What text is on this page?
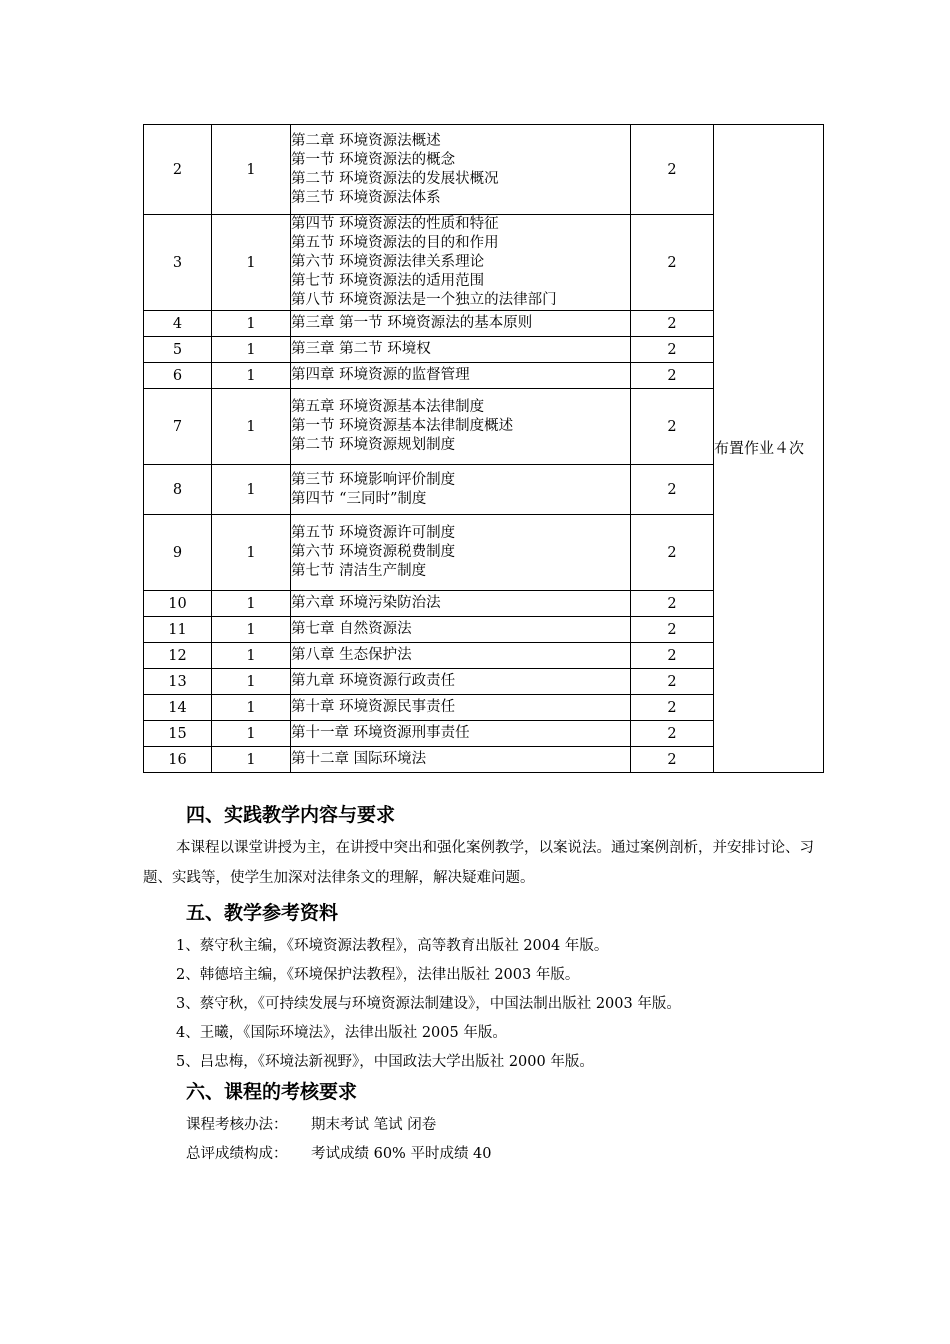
2	1	第二章 环境资源法概述
第一节 环境资源法的概念
第二节 环境资源法的发展状概况
第三节 环境资源法体系	2	布置作业４次
3	1	第四节 环境资源法的性质和特征
第五节 环境资源法的目的和作用
第六节 环境资源法律关系理论
第七节 环境资源法的适用范围
第八节 环境资源法是一个独立的法律部门	2	
4	1	第三章 第一节 环境资源法的基本原则	2	
5	1	第三章 第二节 环境权	2	
6	1	第四章 环境资源的监督管理	2	
7	1	第五章 环境资源基本法律制度
第一节 环境资源基本法律制度概述
第二节 环境资源规划制度	2	
8	1	第三节 环境影响评价制度
第四节 “三同时”制度	2	
9	1	第五节 环境资源许可制度
第六节 环境资源税费制度
第七节 清洁生产制度	2	
10	1	第六章 环境污染防治法	2	
11	1	第七章 自然资源法	2	
12	1	第八章 生态保护法	2	
13	1	第九章 环境资源行政责任	2	
14	1	第十章 环境资源民事责任	2	
15	1	第十一章 环境资源刑事责任	2	
16	1	第十二章 国际环境法	2	
四、实践教学内容与要求
本课程以课堂讲授为主，在讲授中突出和强化案例教学，以案说法。通过案例剖析，并安排讨论、习题、实践等，使学生加深对法律条文的理解，解决疑难问题。
五、教学参考资料
1、蔡守秋主编，《环境资源法教程》，高等教育出版社 2004 年版。
2、韩德培主编，《环境保护法教程》，法律出版社 2003 年版。
3、蔡守秋，《可持续发展与环境资源法制建设》，中国法制出版社 2003 年版。
4、王曦，《国际环境法》，法律出版社 2005 年版。
5、吕忠梅，《环境法新视野》，中国政法大学出版社 2000 年版。
六、课程的考核要求
课程考核办法： 期末考试 笔试 闭卷
总评成绩构成： 考试成绩 60% 平时成绩 40
